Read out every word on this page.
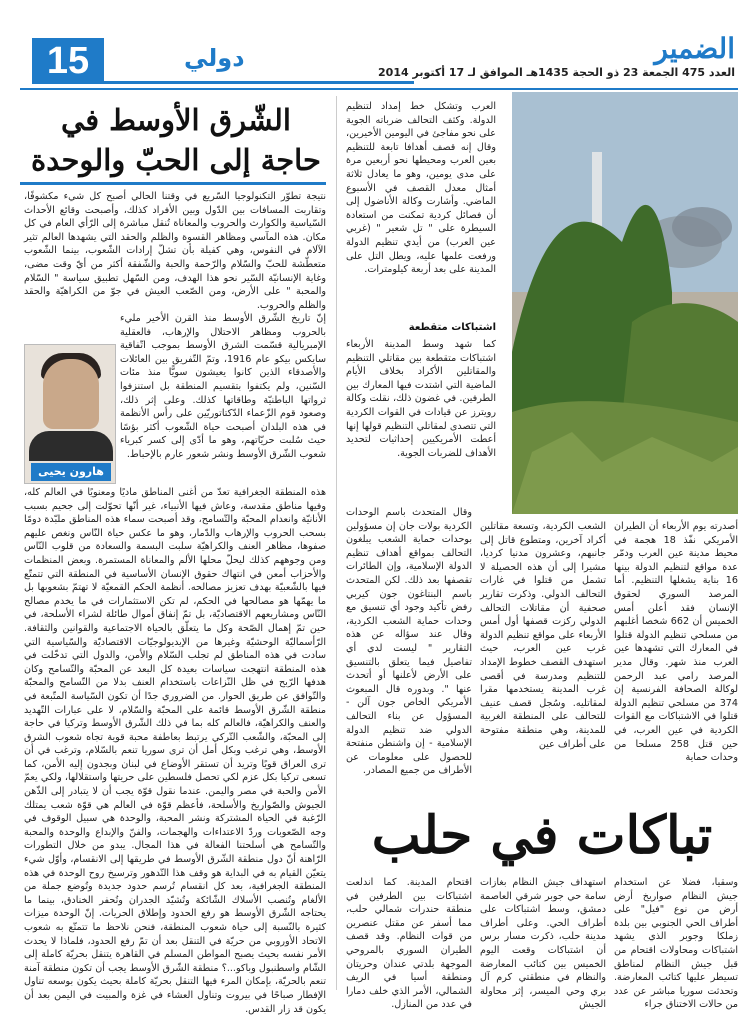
15	دولي	الضمير
العدد 475 الجمعة 23 ذو الحجة 1435هـ الموافق لـ 17 أكتوبر 2014
الشّرق الأوسط في حاجة إلى الحبّ والوحدة
نتيجة تطوّر التكنولوجيا السّريع في وقتنا الحالي أصبح كل شيء مكشوفًا، وتقاربت المسافات بين الدّول وبين الأفراد كذلك، وأصبحت وقائع الأحداث السّياسية والكوارث والحروب والمعاناة تُنقل مباشرة إلى الرّأي العام في كل مكان. هذه المآسي ومظاهر القسوة والظلم والحقد التي يشهدها العالم تثير الآلام في النفوس، وهي كفيلة بأن تشلّ إرادات الشّعوب، بينما الشّعوب متعطّشة للحبّ والسّلام والرّحمة والحبة والشّفقة أكثر من أيّ وقت مضى، وغاية الإنسانيّة السّير نحو هذا الهدف، ومن السّهل تطبيق سياسة " السّلام والمحبة " على الأرض، ومن الصّعب العيش في جوّ من الكراهيّة والحقد والظلم والحروب.
إنّ تاريخ الشّرق الأوسط منذ القرن الأخير مليء بالحروب ومظاهر الاحتلال والإرهاب، فالعقلية الإمبريالية قسّمت الشرق الأوسط بموجب اتّفاقية سايكس بيكو عام 1916، وتمّ التّفريق بين العائلات والأصدقاء الذين كانوا يعيشون سويًّا منذ مئات السّنين، ولم يكتفوا بتقسيم المنطقة بل استنزفوا ثرواتها الباطنيّة وطاقاتها كذلك. وعلى إثر ذلك، وصعود قوم الزّعماء الدّكتاتوريّين على رأس الأنظمة في هذه البلدان أصبحت حياة الشّعوب أكثر بؤسًا حيث سُلبت حريّاتهم، وهو ما أدّى إلى كسر كبرياء شعوب الشّرق الأوسط ونشر شعور عارم بالإحباط.
هارون يحيى
هذه المنطقة الجغرافية تعدّ من أغنى المناطق ماديًا ومعنويًا في العالم كله، وفيها مناطق مقدسة، وعاش فيها الأنبياء، غير أنّها تحوّلت إلى جحيم بسبب الأنانيّة وانعدام المحبّة والتّسامح، وقد أصبحت سماء هذه المناطق ملبّدة دومًا بسحب الحروب والإرهاب والدّمار، وهو ما عكس حياة النّاس ونغص عليهم صفوها، مظاهر العنف والكراهيّة سلبت البسمة والسعادة من قلوب النّاس ومن وجوههم كذلك ليحلّ محلها الألم والمعاناة المستمرة. وبعض المنظمات والأحزاب أمعن في انتهاك حقوق الإنسان الأساسية في المنطقة التي تتمتّع فيها بالشّعبيّة بهدف تعزيز مصالحه. أنظمة الحكم القمعيّة لا تهتمّ بشعوبها بل ما يهمّها هو مصالحها في الحكم، لم تكن الاستثمارات في ما يخدم مصالح النّاس ومشاريعهم الاقتصاديّة، بل تمّ إنفاق أموال طائلة لشراء الأسلحة، في حين تمّ إهمال الصّحة وكل ما يتعلّق بالحياة الاجتماعية والقوانين والثقافة. الرّأسماليّة الوحشيّة وغيرها من الإيديولوجيّات الاقتصاديّة والسّياسية التي سادت في هذه المناطق لم تجلب السّلام والأمن، والدول التي تدخّلت في هذه المنطقة انتهجت سياسات بعيدة كل البعد عن المحبّة والتّسامح وكان هدفها الرّبح في ظل النّزاعات باستخدام العنف بدلا من التّسامح والمحبّة والتّوافق عن طريق الحوار. من الضروري جدًا أن تكون السّياسة المتّبعة في منطقة الشّرق الأوسط قائمة على المحبّة والسّلام، لا على عبارات التّهديد والعنف والكراهيّة، فالعالم كله بما في ذلك الشّرق الأوسط وتركيا في حاجة إلى المحبّة، والشّعب التّركي يرتبط بعاطفة محبة قوية تجاه شعوب الشرق الأوسط، وهي ترغب وبكل أمل أن ترى سوريا تنعم بالسّلام، وترغب في أن ترى العراق قويًا وتريد أن تستقر الأوضاع في لبنان وبجدون إليه الأمن، كما تسعى تركيا بكل عزم لكي تحصل فلسطين على حريتها واستقلالها، ولكي يعمّ الأمن والحبة في مصر واليمن. عندما نقول قوّة يجب أن لا يتبادر إلى الذّهن الجيوش والصّواريخ والأسلحة، فأعظم قوّة في العالم هي قوّة شعب يمتلك الرّغبة في الحياة المشتركة ونشر المحبة، والوحدة هي سبيل الوقوف في وجه الصّعوبات وردّ الاعتداءات والهجمات، والفنّ والإبداع والوحدة والمحبة والتّسامح هي أسلحتنا الفعالة في هذا المجال. يبدو من خلال التطورات الرّاهنة أنّ دول منطقة الشّرق الأوسط في طريقها إلى الانقسام، وأوّل شيء يتعيّن القيام به في البداية هو وقف هذا التّدهور وترسيخ روح الوحدة في هذه المنطقة الجغرافية، بعد كل انقسام تُرسم حدود جديدة وتُوضع جملة من الألغام وتُنصب الأسلاك الشّائكة وتُشيّد الجدران وتُحفر الخنادق، بينما ما يحتاجه الشّرق الأوسط هو رفع الحدود وإطلاق الحريات. إنّ الوحدة ميزات كثيرة بالنّسبة إلى حياة شعوب المنطقة، فنحن نلاحظ ما تتمتّع به شعوب الاتحاد الأوروبي من حريّة في التنقل بعد أن تمّ رفع الحدود، فلماذا لا يحدث الأمر نفسه بحيث يصبح المواطن المسلم في القاهرة يتنقل بحريّة كاملة إلى الشّام واسطنبول وباكو...؟ منطقة الشّرق الأوسط يجب أن تكون منطقة آمنة تنعم بالحريّة، بإمكان المرء فيها التنقل بحريّة كاملة بحيث يكون بوسعه تناول الإفطار صباحًا في بيروت وتناول العشاء في غزة والمبيت في اليمن بعد أن يكون قد زار القدس.
العرب وتشكل خط إمداد لتنظيم الدولة. وكثف التحالف ضرباته الجوية على نحو مفاجئ في اليومين الأخيرين، وقال إنه قصف أهدافا تابعة للتنظيم بعين العرب ومحيطها نحو أربعين مرة على مدى يومين، وهو ما يعادل ثلاثة أمثال معدل القصف في الأسبوع الماضي. وأشارت وكالة الأناضول إلى أن فصائل كردية تمكنت من استعادة السيطرة على " تل شعير " (غربي عين العرب) من أيدي تنظيم الدولة ورفعت علمها عليه، ويطل التل على المدينة على بعد أربعة كيلومترات.
اشتباكات متقطعة
كما شهد وسط المدينة الأربعاء اشتباكات متقطعة بين مقاتلي التنظيم والمقاتلين الأكراد بخلاف الأيام الماضية التي اشتدت فيها المعارك بين الطرفين. في غضون ذلك، نقلت وكالة رويترز عن قيادات في القوات الكردية التي تتصدى لمقاتلي التنظيم قولها إنها أعطت الأمريكيين إحداثيات لتحديد الأهداف للضربات الجوية.
أصدرته يوم الأربعاء أن الطيران الأمريكي نفّذ 18 هجمة في محيط مدينة عين العرب ودمّر عدة مواقع لتنظيم الدولة بينها 16 بناية يشغلها التنظيم. أما المرصد السوري لحقوق الإنسان فقد أعلن أمس الخميس أن 662 شخصا أغلبهم من مسلحي تنظيم الدولة قتلوا في المعارك التي تشهدها عين العرب منذ شهر. وقال مدير المرصد رامي عبد الرحمن لوكالة الصحافة الفرنسية إن 374 من مسلحي تنظيم الدولة قتلوا في الاشتباكات مع القوات الكردية في عين العرب، في حين قتل 258 مسلحا من وحدات حماية
الشعب الكردية، وتسعة مقاتلين أكراد آخرين، ومتطوع قاتل إلى جانبهم، وعشرون مدنيا كرديا، مشيرا إلى أن هذه الحصيلة لا تشمل من قتلوا في غارات التحالف الدولي. وذكرت تقارير صحفية أن مقاتلات التحالف الدولي ركزت قصفها أول أمس الأربعاء على مواقع تنظيم الدولة غرب عين العرب، حيث استهدف القصف خطوط الإمداد للتنظيم ومدرسة في أقصى غرب المدينة يستخدمها مقرا لمقاتليه. وسُجل قصف عنيف للتحالف على المنطقة الغربية للمدينة، وهي منطقة مفتوحة على أطراف عين
وقال المتحدث باسم الوحدات الكردية بولات جان إن مسؤولين بوحدات حماية الشعب يبلغون التحالف بمواقع أهداف تنظيم الدولة الإسلامية، وإن الطائرات تقصفها بعد ذلك. لكن المتحدث باسم البنتاغون جون كيربي رفض تأكيد وجود أي تنسيق مع وحدات حماية الشعب الكردية، وقال عند سؤاله عن هذه التقارير " ليست لدي أي تفاصيل فيما يتعلق بالتنسيق على الأرض لأعلنها أو أتحدث عنها ". وبدوره قال المبعوث الأمريكي الخاص جون آلن - المسؤول عن بناء التحالف الدولي ضد تنظيم الدولة الإسلامية - إن واشنطن منفتحة للحصول على معلومات عن الأطراف من جميع المصادر.
تباكات في حلب
وسقيا، فضلا عن استخدام جيش النظام صواريخ أرض أرض من نوع "فيل" على أطراف الحي الجنوبي بين بلدة زملكا وجوبر الذي يشهد اشتباكات ومحاولات اقتحام من قبل جيش النظام لمناطق تسيطر عليها كتائب المعارضة. وتحدثت سوريا مباشر عن عدد من حالات الاختناق جراء
استهداف جيش النظام بغازات سامة حي جوبر شرقي العاصمة دمشق، وسط اشتباكات على أطراف الحي. وعلى أطراف مدينة حلب، ذكرت مسار برس أن اشتباكات وقعت اليوم الخميس بين كتائب المعارضة والنظام في منطقتي كرم آل بري وحي الميسر، إثر محاولة الجيش
اقتحام المدينة. كما اندلعت اشتباكات بين الطرفين في منطقة حندرات شمالي حلب، مما أسفر عن مقتل عنصرين من قوات النظام. وقد قصف الطيران السوري بالمروحي الموجهة بلدتي عندان وحريتان ومنطقة أسيا في الريف الشمالي، الأمر الذي خلف دمارا في عدد من المنازل.
